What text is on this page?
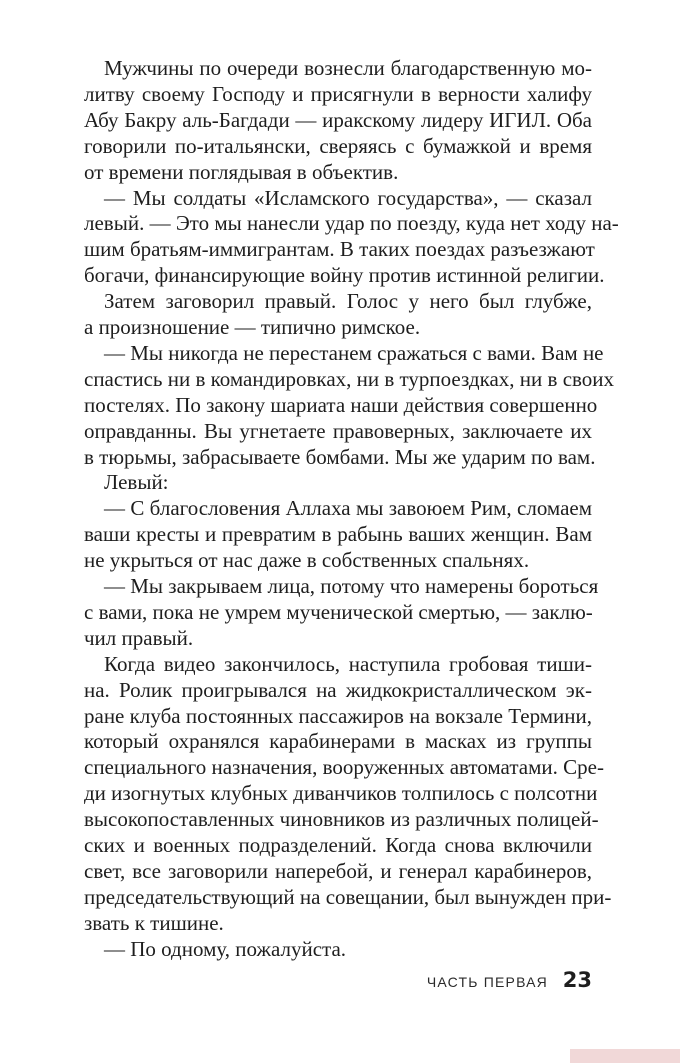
Мужчины по очереди вознесли благодарственную мо-
литву своему Господу и присягнули в верности халифу
Абу Бакру аль-Багдади — иракскому лидеру ИГИЛ. Оба
говорили по-итальянски, сверяясь с бумажкой и время
от времени поглядывая в объектив.
— Мы солдаты «Исламского государства», — сказал
левый. — Это мы нанесли удар по поезду, куда нет ходу на-
шим братьям-иммигрантам. В таких поездах разъезжают
богачи, финансирующие войну против истинной религии.
Затем заговорил правый. Голос у него был глубже,
а произношение — типично римское.
— Мы никогда не перестанем сражаться с вами. Вам не
спастись ни в командировках, ни в турпоездках, ни в своих
постелях. По закону шариата наши действия совершенно
оправданны. Вы угнетаете правоверных, заключаете их
в тюрьмы, забрасываете бомбами. Мы же ударим по вам.
Левый:
— С благословения Аллаха мы завоюем Рим, сломаем
ваши кресты и превратим в рабынь ваших женщин. Вам
не укрыться от нас даже в собственных спальнях.
— Мы закрываем лица, потому что намерены бороться
с вами, пока не умрем мученической смертью, — заклю-
чил правый.
Когда видео закончилось, наступила гробовая тиши-
на. Ролик проигрывался на жидкокристаллическом эк-
ране клуба постоянных пассажиров на вокзале Термини,
который охранялся карабинерами в масках из группы
специального назначения, вооруженных автоматами. Сре-
ди изогнутых клубных диванчиков толпилось с полсотни
высокопоставленных чиновников из различных полицей-
ских и военных подразделений. Когда снова включили
свет, все заговорили наперебой, и генерал карабинеров,
председательствующий на совещании, был вынужден при-
звать к тишине.
— По одному, пожалуйста.
ЧАСТЬ ПЕРВАЯ 23
